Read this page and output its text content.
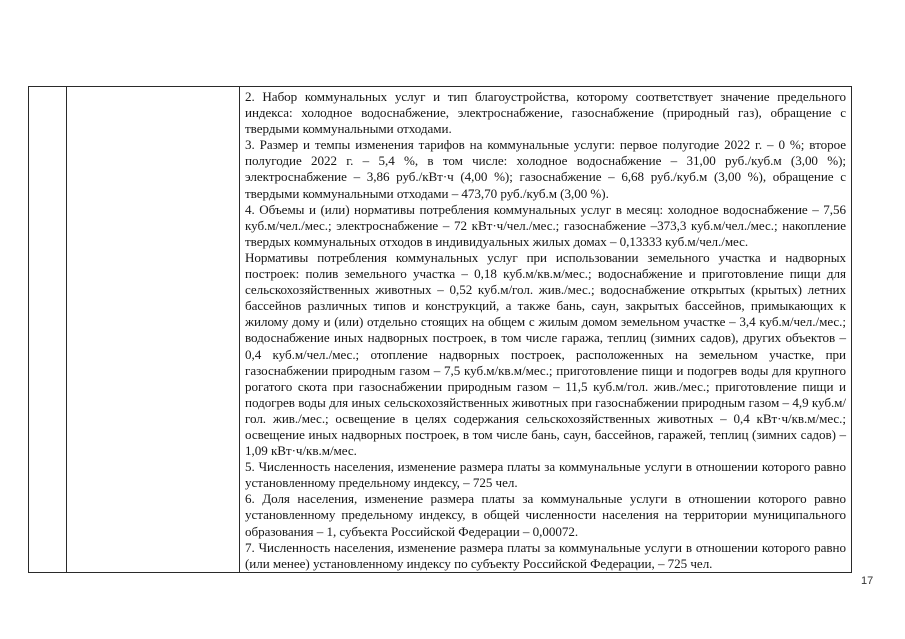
2. Набор коммунальных услуг и тип благоустройства, которому соответствует значение предельного индекса: холодное водоснабжение, электроснабжение, газоснабжение (природный газ), обращение с твердыми коммунальными отходами.

3. Размер и темпы изменения тарифов на коммунальные услуги: первое полугодие 2022 г. – 0 %; второе полугодие 2022 г. – 5,4 %, в том числе: холодное водоснабжение – 31,00 руб./куб.м (3,00 %); электроснабжение – 3,86 руб./кВт·ч (4,00 %); газоснабжение – 6,68 руб./куб.м (3,00 %), обращение с твердыми коммунальными отходами – 473,70 руб./куб.м (3,00 %).

4. Объемы и (или) нормативы потребления коммунальных услуг в месяц: холодное водоснабжение – 7,56 куб.м/чел./мес.; электроснабжение – 72 кВт·ч/чел./мес.; газоснабжение –373,3 куб.м/чел./мес.; накопление твердых коммунальных отходов в индивидуальных жилых домах – 0,13333 куб.м/чел./мес.

Нормативы потребления коммунальных услуг при использовании земельного участка и надворных построек: полив земельного участка – 0,18 куб.м/кв.м/мес.; водоснабжение и приготовление пищи для сельскохозяйственных животных – 0,52 куб.м/гол. жив./мес.; водоснабжение открытых (крытых) летних бассейнов различных типов и конструкций, а также бань, саун, закрытых бассейнов, примыкающих к жилому дому и (или) отдельно стоящих на общем с жилым домом земельном участке – 3,4 куб.м/чел./мес.; водоснабжение иных надворных построек, в том числе гаража, теплиц (зимних садов), других объектов – 0,4 куб.м/чел./мес.; отопление надворных построек, расположенных на земельном участке, при газоснабжении природным газом – 7,5 куб.м/кв.м/мес.; приготовление пищи и подогрев воды для крупного рогатого скота при газоснабжении природным газом – 11,5 куб.м/гол. жив./мес.; приготовление пищи и подогрев воды для иных сельскохозяйственных животных при газоснабжении природным газом – 4,9 куб.м/гол. жив./мес.; освещение в целях содержания сельскохозяйственных животных – 0,4 кВт·ч/кв.м/мес.; освещение иных надворных построек, в том числе бань, саун, бассейнов, гаражей, теплиц (зимних садов) – 1,09 кВт·ч/кв.м/мес.

5. Численность населения, изменение размера платы за коммунальные услуги в отношении которого равно установленному предельному индексу, – 725 чел.

6. Доля населения, изменение размера платы за коммунальные услуги в отношении которого равно установленному предельному индексу, в общей численности населения на территории муниципального образования – 1, субъекта Российской Федерации – 0,00072.

7. Численность населения, изменение размера платы за коммунальные услуги в отношении которого равно (или менее) установленному индексу по субъекту Российской Федерации, – 725 чел.

17
